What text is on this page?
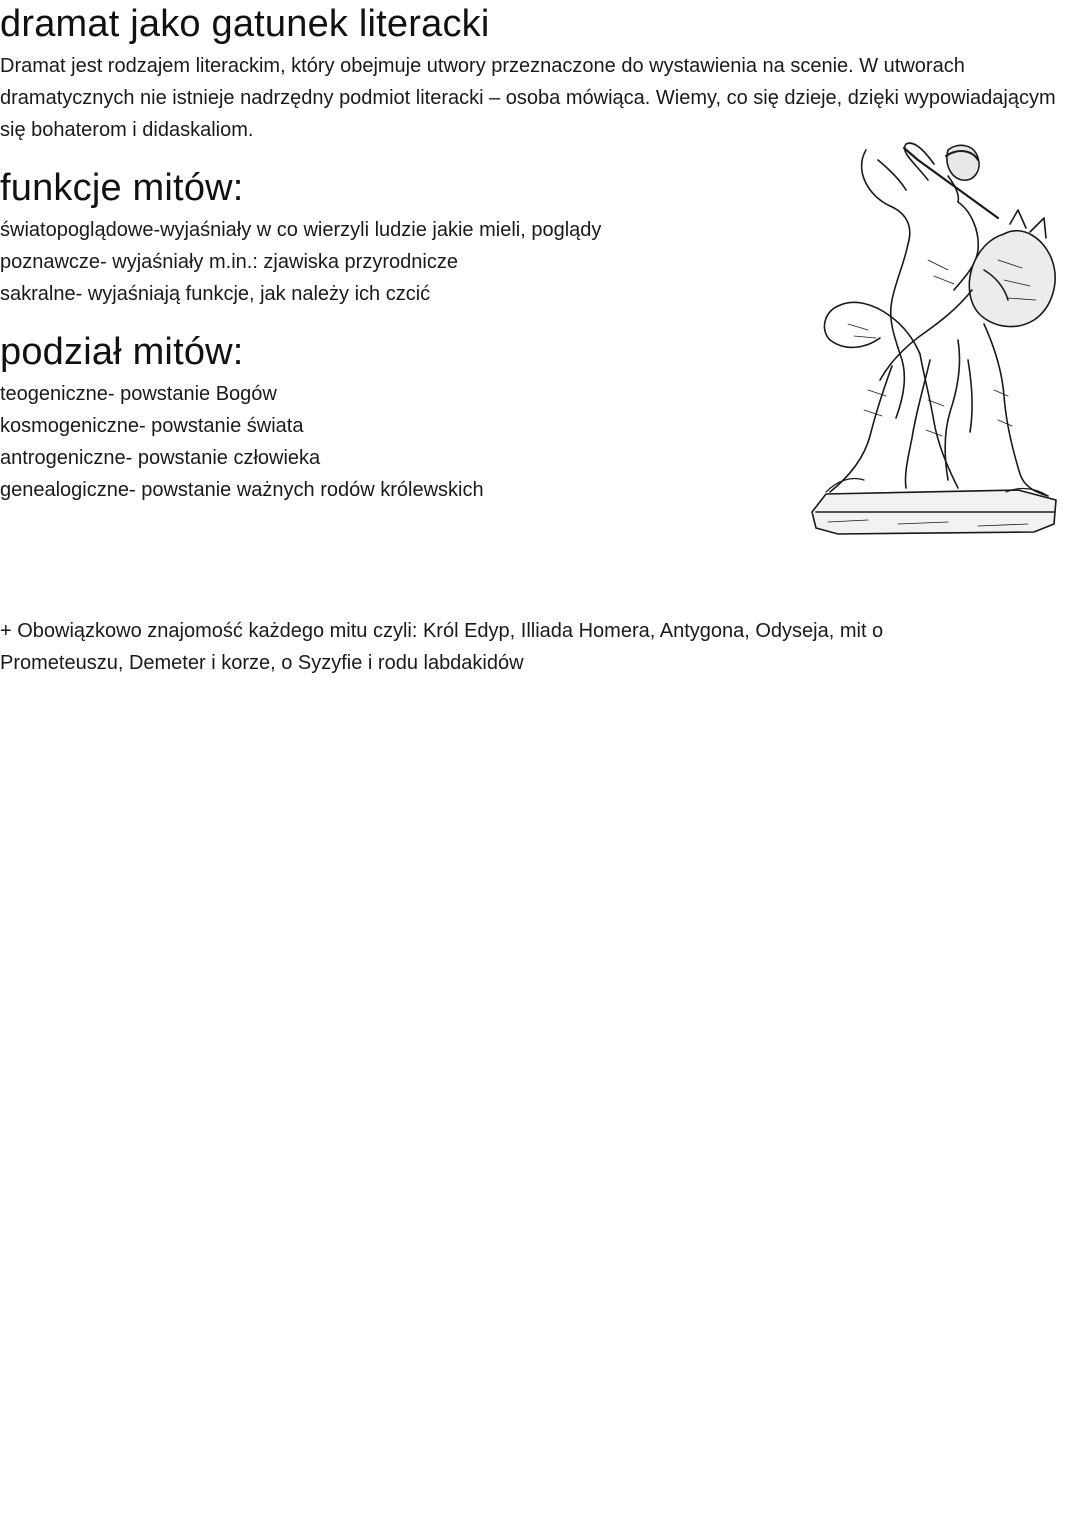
dramat jako gatunek literacki
Dramat jest rodzajem literackim, który obejmuje utwory przeznaczone do wystawienia na scenie. W utworach
dramatycznych nie istnieje nadrzędny podmiot literacki – osoba mówiąca. Wiemy, co się dzieje, dzięki wypowiadającym
się bohaterom i didaskaliom.
funkcje mitów:
światopoglądowe-wyjaśniały w co wierzyli ludzie jakie mieli, poglądy
poznawcze- wyjaśniały m.in.: zjawiska przyrodnicze
sakralne- wyjaśniają funkcje, jak należy ich czcić
podział mitów:
teogeniczne- powstanie Bogów
kosmogeniczne- powstanie świata
antrogeniczne- powstanie człowieka
genealogiczne- powstanie ważnych rodów królewskich
+ Obowiązkowo znajomość każdego mitu czyli: Król Edyp, Illiada Homera, Antygona, Odyseja, mit o
Prometeuszu, Demeter i korze, o Syzyfie i rodu labdakidów
